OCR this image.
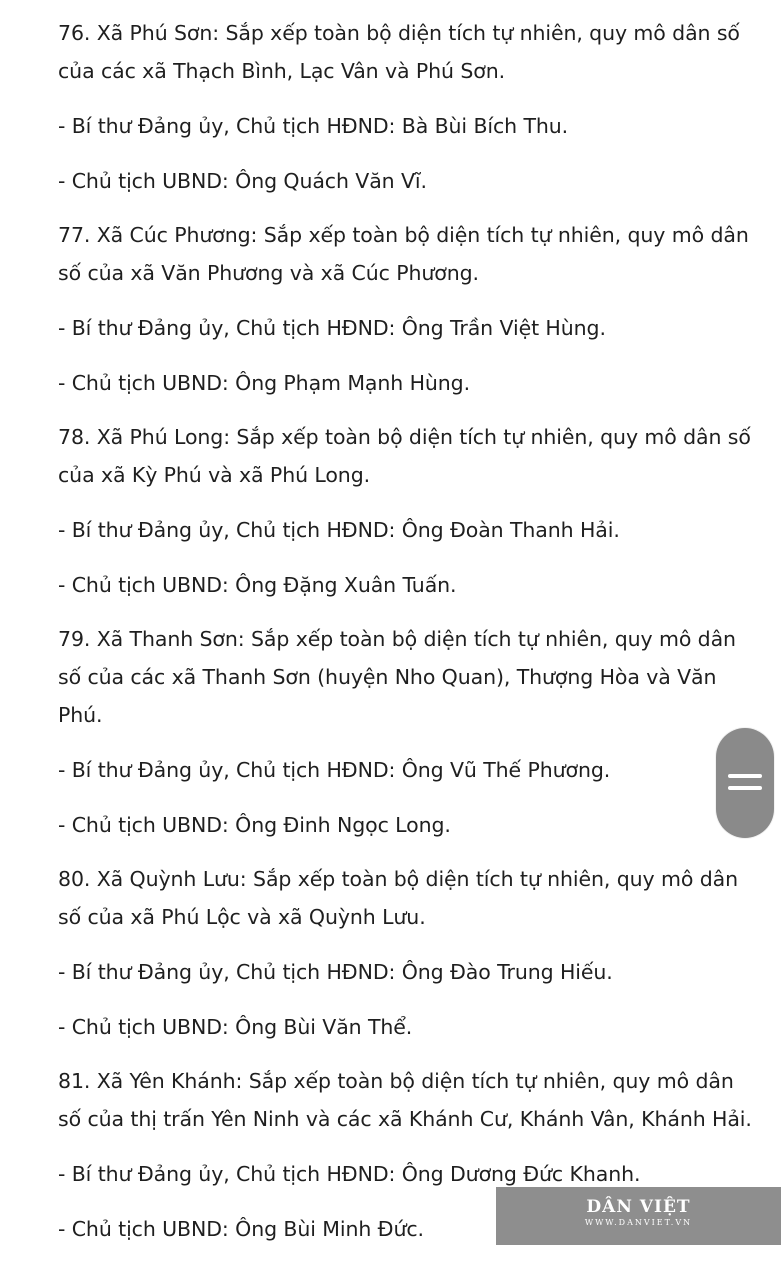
76. Xã Phú Sơn: Sắp xếp toàn bộ diện tích tự nhiên, quy mô dân số
của các xã Thạch Bình, Lạc Vân và Phú Sơn.
- Bí thư Đảng ủy, Chủ tịch HĐND: Bà Bùi Bích Thu.
- Chủ tịch UBND: Ông Quách Văn Vĩ.
77. Xã Cúc Phương: Sắp xếp toàn bộ diện tích tự nhiên, quy mô dân
số của xã Văn Phương và xã Cúc Phương.
- Bí thư Đảng ủy, Chủ tịch HĐND: Ông Trần Việt Hùng.
- Chủ tịch UBND: Ông Phạm Mạnh Hùng.
78. Xã Phú Long: Sắp xếp toàn bộ diện tích tự nhiên, quy mô dân số
của xã Kỳ Phú và xã Phú Long.
- Bí thư Đảng ủy, Chủ tịch HĐND: Ông Đoàn Thanh Hải.
- Chủ tịch UBND: Ông Đặng Xuân Tuấn.
79. Xã Thanh Sơn: Sắp xếp toàn bộ diện tích tự nhiên, quy mô dân
số của các xã Thanh Sơn (huyện Nho Quan), Thượng Hòa và Văn
Phú.
- Bí thư Đảng ủy, Chủ tịch HĐND: Ông Vũ Thế Phương.
- Chủ tịch UBND: Ông Đinh Ngọc Long.
80. Xã Quỳnh Lưu: Sắp xếp toàn bộ diện tích tự nhiên, quy mô dân
số của xã Phú Lộc và xã Quỳnh Lưu.
- Bí thư Đảng ủy, Chủ tịch HĐND: Ông Đào Trung Hiếu.
- Chủ tịch UBND: Ông Bùi Văn Thể.
81. Xã Yên Khánh: Sắp xếp toàn bộ diện tích tự nhiên, quy mô dân
số của thị trấn Yên Ninh và các xã Khánh Cư, Khánh Vân, Khánh Hải.
- Bí thư Đảng ủy, Chủ tịch HĐND: Ông Dương Đức Khanh.
- Chủ tịch UBND: Ông Bùi Minh Đức.
DÂN VIỆT
WWW.DANVIET.VN
